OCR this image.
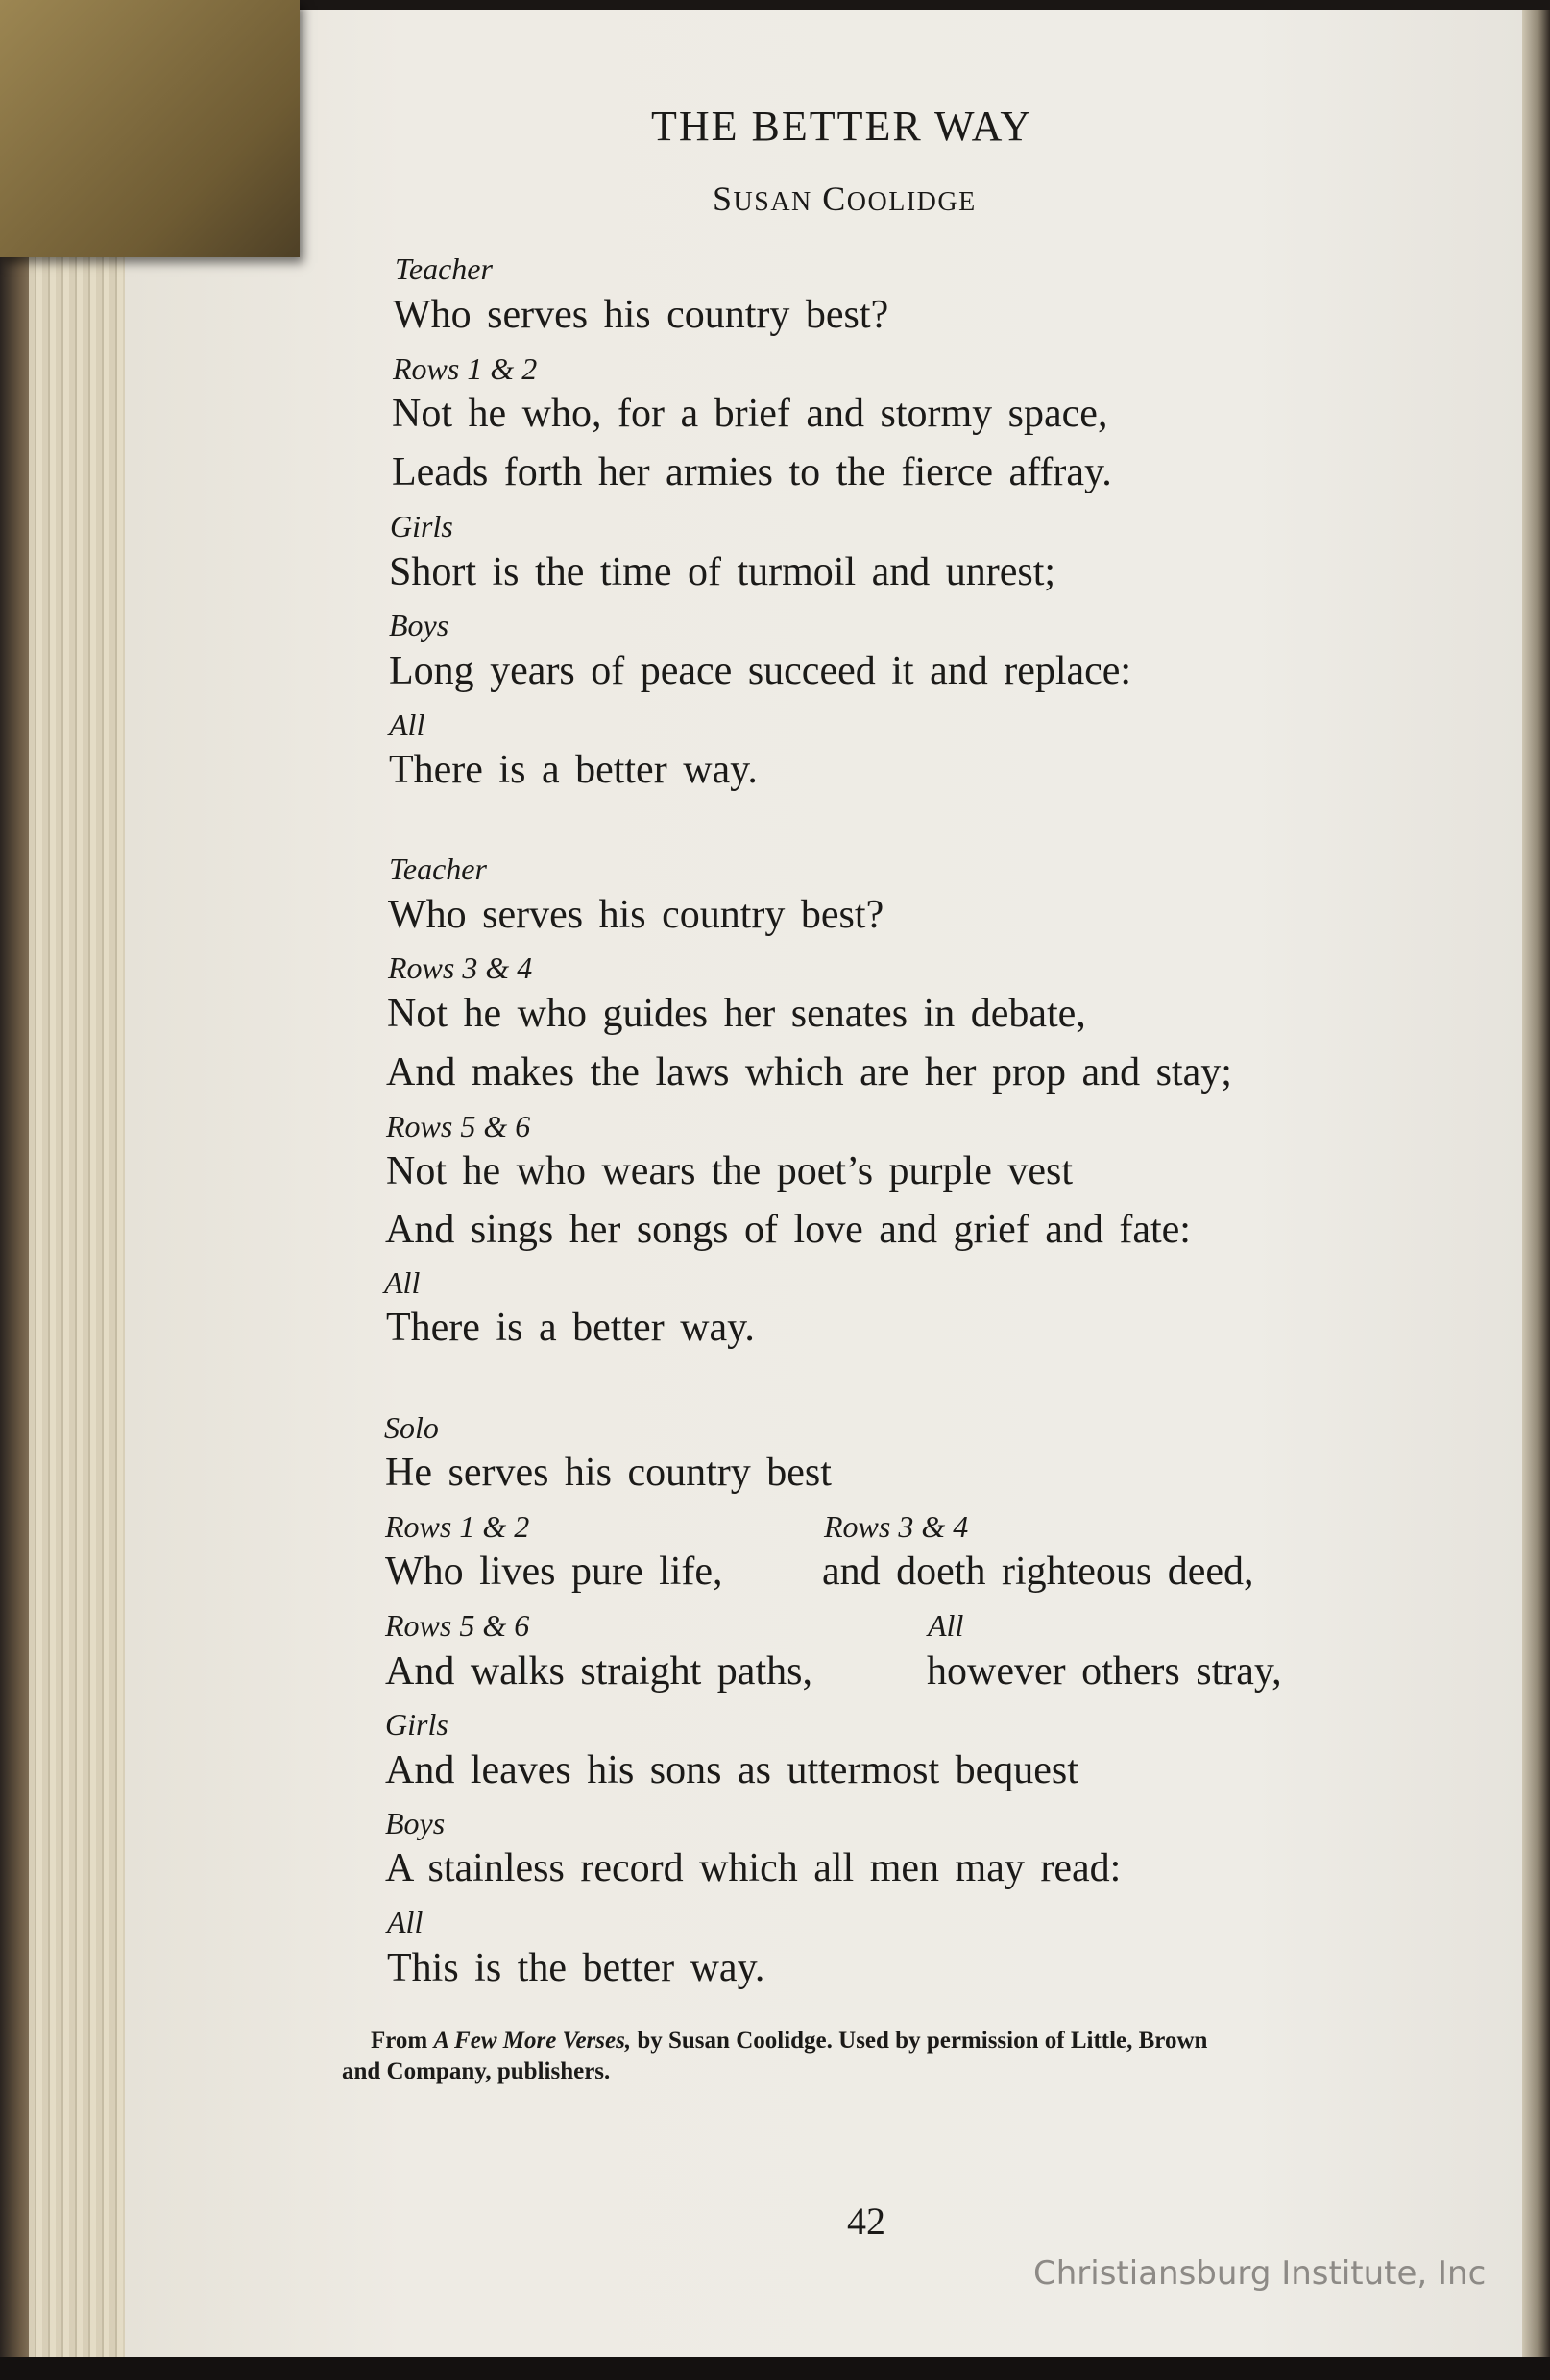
THE BETTER WAY
SUSAN COOLIDGE
Teacher
Who serves his country best?
Rows 1 & 2
Not he who, for a brief and stormy space,
Leads forth her armies to the fierce affray.
Girls
Short is the time of turmoil and unrest;
Boys
Long years of peace succeed it and replace:
All
There is a better way.
Teacher
Who serves his country best?
Rows 3 & 4
Not he who guides her senates in debate,
And makes the laws which are her prop and stay;
Rows 5 & 6
Not he who wears the poet’s purple vest
And sings her songs of love and grief and fate:
All
There is a better way.
Solo
He serves his country best
Rows 1 & 2	Rows 3 & 4
Who lives pure life, and doeth righteous deed,
Rows 5 & 6	All
And walks straight paths,	however others stray,
Girls
And leaves his sons as uttermost bequest
Boys
A stainless record which all men may read:
All
This is the better way.
From A Few More Verses, by Susan Coolidge. Used by permission of Little, Brown
and Company, publishers.
42
Christiansburg Institute, Inc
